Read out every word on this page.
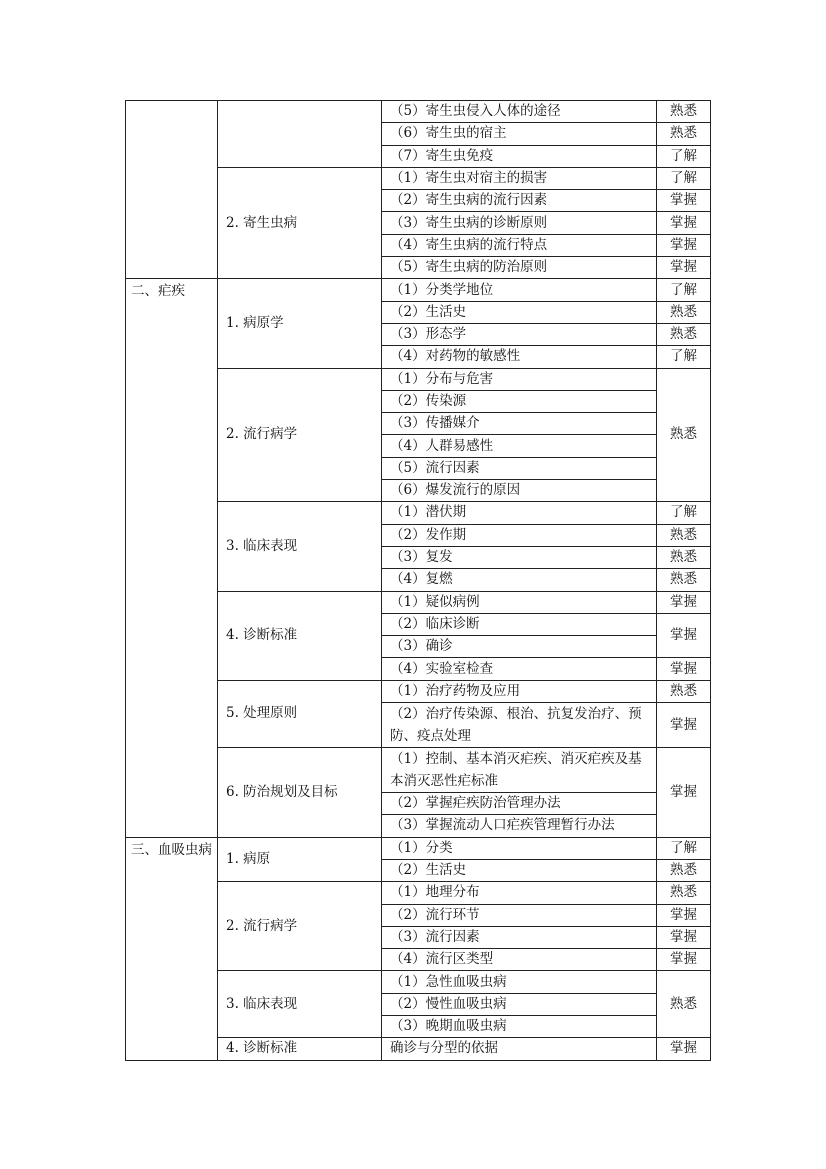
		（5）寄生虫侵入人体的途径	熟悉
		（6）寄生虫的宿主	熟悉
		（7）寄生虫免疫	了解
	2. 寄生虫病	（1）寄生虫对宿主的损害	了解
		（2）寄生虫病的流行因素	掌握
		（3）寄生虫病的诊断原则	掌握
		（4）寄生虫病的流行特点	掌握
		（5）寄生虫病的防治原则	掌握
二、疟疾	1. 病原学	（1）分类学地位	了解
		（2）生活史	熟悉
		（3）形态学	熟悉
		（4）对药物的敏感性	了解
	2. 流行病学	（1）分布与危害	熟悉
		（2）传染源	
		（3）传播媒介	
		（4）人群易感性	
		（5）流行因素	
		（6）爆发流行的原因	
	3. 临床表现	（1）潜伏期	了解
		（2）发作期	熟悉
		（3）复发	熟悉
		（4）复燃	熟悉
	4. 诊断标准	（1）疑似病例	掌握
		（2）临床诊断	掌握
		（3）确诊	
		（4）实验室检查	掌握
	5. 处理原则	（1）治疗药物及应用	熟悉
		（2）治疗传染源、根治、抗复发治疗、预防、疫点处理	掌握
	6. 防治规划及目标	（1）控制、基本消灭疟疾、消灭疟疾及基本消灭恶性疟标准	掌握
		（2）掌握疟疾防治管理办法	
		（3）掌握流动人口疟疾管理暂行办法	
三、血吸虫病	1. 病原	（1）分类	了解
		（2）生活史	熟悉
	2. 流行病学	（1）地理分布	熟悉
		（2）流行环节	掌握
		（3）流行因素	掌握
		（4）流行区类型	掌握
	3. 临床表现	（1）急性血吸虫病	熟悉
		（2）慢性血吸虫病	
		（3）晚期血吸虫病	
	4. 诊断标准	确诊与分型的依据	掌握
